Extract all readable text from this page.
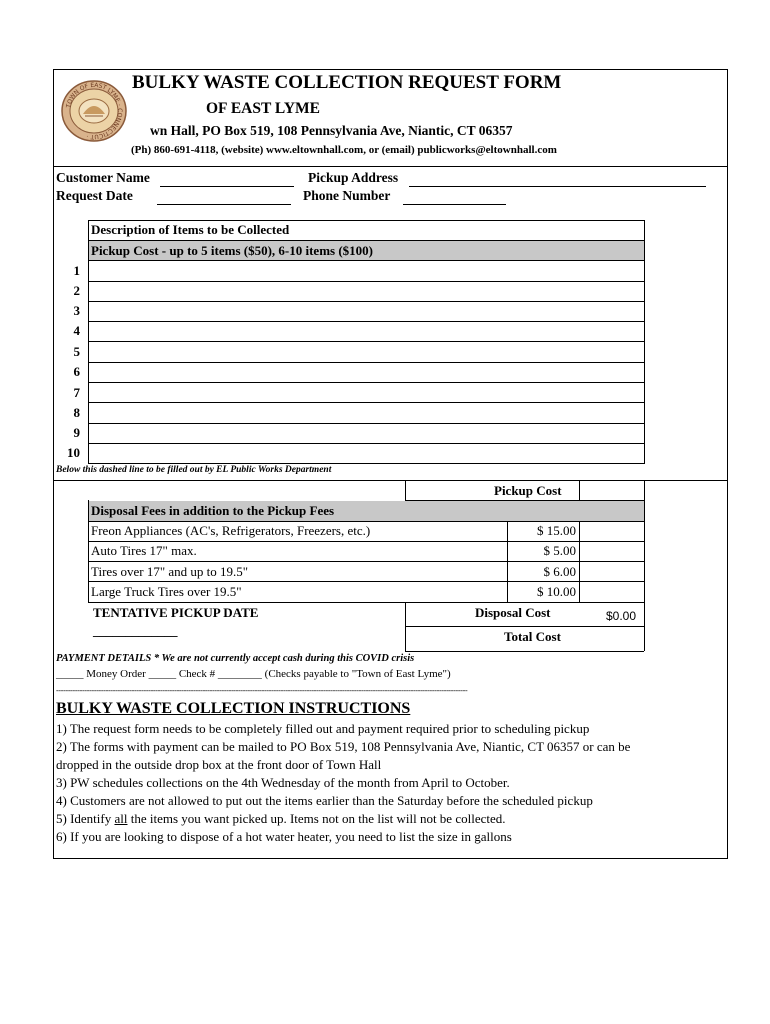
TOWN OF EAST LYME · CONNECTICUT ·
BULKY WASTE COLLECTION REQUEST FORM
OF EAST LYME
wn Hall, PO Box 519, 108 Pennsylvania Ave, Niantic, CT 06357
(Ph) 860-691-4118, (website) www.eltownhall.com, or (email) publicworks@eltownhall.com
Customer Name	Pickup Address
Request Date	Phone Number
Description of Items to be Collected
Pickup Cost - up to 5 items ($50), 6-10 items ($100)
1
2
3
4
5
6
7
8
9
10
Below this dashed line to be filled out by EL Public Works Department
Pickup Cost
Disposal Fees in addition to the Pickup Fees
Freon Appliances (AC's, Refrigerators, Freezers, etc.)	$ 15.00
Auto Tires 17" max.	$ 5.00
Tires over 17" and up to 19.5"	$ 6.00
Large Truck Tires over 19.5"	$ 10.00
TENTATIVE PICKUP DATE
_____________
Disposal Cost	$0.00
Total Cost
PAYMENT DETAILS * We are not currently accept cash during this COVID crisis
_____ Money Order _____ Check # ________ (Checks payable to "Town of East Lyme")
------------------------------------------------------------------------------------------------------------------------------------------------------------------------------
BULKY WASTE COLLECTION INSTRUCTIONS
1) The request form needs to be completely filled out and payment required prior to scheduling pickup
2) The forms with payment can be mailed to PO Box 519, 108 Pennsylvania Ave, Niantic, CT 06357 or can be
dropped in the outside drop box at the front door of Town Hall
3) PW schedules collections on the 4th Wednesday of the month from April to October.
4) Customers are not allowed to put out the items earlier than the Saturday before the scheduled pickup
5) Identify all the items you want picked up. Items not on the list will not be collected.
6) If you are looking to dispose of a hot water heater, you need to list the size in gallons
